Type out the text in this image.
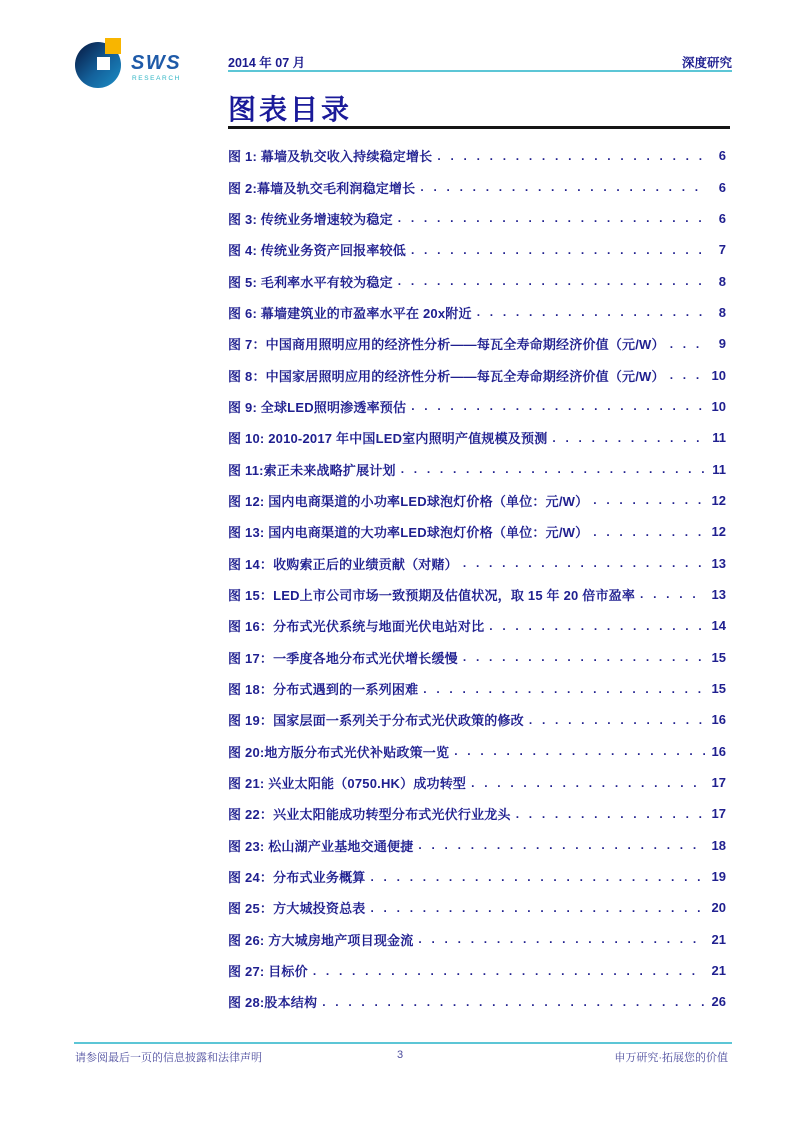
SWS
RESEARCH
2014 年 07 月	深度研究
图表目录
图 1: 幕墙及轨交收入持续稳定增长 . . .	6
图 2:幕墙及轨交毛利润稳定增长 . . .	6
图 3: 传统业务增速较为稳定 . . .	6
图 4: 传统业务资产回报率较低 . . .	7
图 5: 毛利率水平有较为稳定 . . .	8
图 6: 幕墙建筑业的市盈率水平在 20x附近 . . .	8
图 7：中国商用照明应用的经济性分析——每瓦全寿命期经济价值（元/W） . . .	9
图 8：中国家居照明应用的经济性分析——每瓦全寿命期经济价值（元/W） . . .	10
图 9: 全球LED照明渗透率预估 . . .	10
图 10: 2010-2017 年中国LED室内照明产值规模及预测 . . .	11
图 11:索正未来战略扩展计划 . . .	11
图 12: 国内电商渠道的小功率LED球泡灯价格（单位：元/W） . . .	12
图 13: 国内电商渠道的大功率LED球泡灯价格（单位：元/W） . . .	12
图 14：收购索正后的业绩贡献（对赌） . . .	13
图 15：LED上市公司市场一致预期及估值状况，取 15 年 20 倍市盈率 . . .	13
图 16：分布式光伏系统与地面光伏电站对比 . . .	14
图 17：一季度各地分布式光伏增长缓慢 . . .	15
图 18：分布式遇到的一系列困难 . . .	15
图 19：国家层面一系列关于分布式光伏政策的修改 . . .	16
图 20:地方版分布式光伏补贴政策一览 . . .	16
图 21: 兴业太阳能（0750.HK）成功转型 . . .	17
图 22：兴业太阳能成功转型分布式光伏行业龙头 . . .	17
图 23: 松山湖产业基地交通便捷 . . .	18
图 24：分布式业务概算 . . .	19
图 25：方大城投资总表 . . .	20
图 26: 方大城房地产项目现金流 . . .	21
图 27: 目标价 . . .	21
图 28:股本结构 . . .	26
请参阅最后一页的信息披露和法律声明	3	申万研究·拓展您的价值
